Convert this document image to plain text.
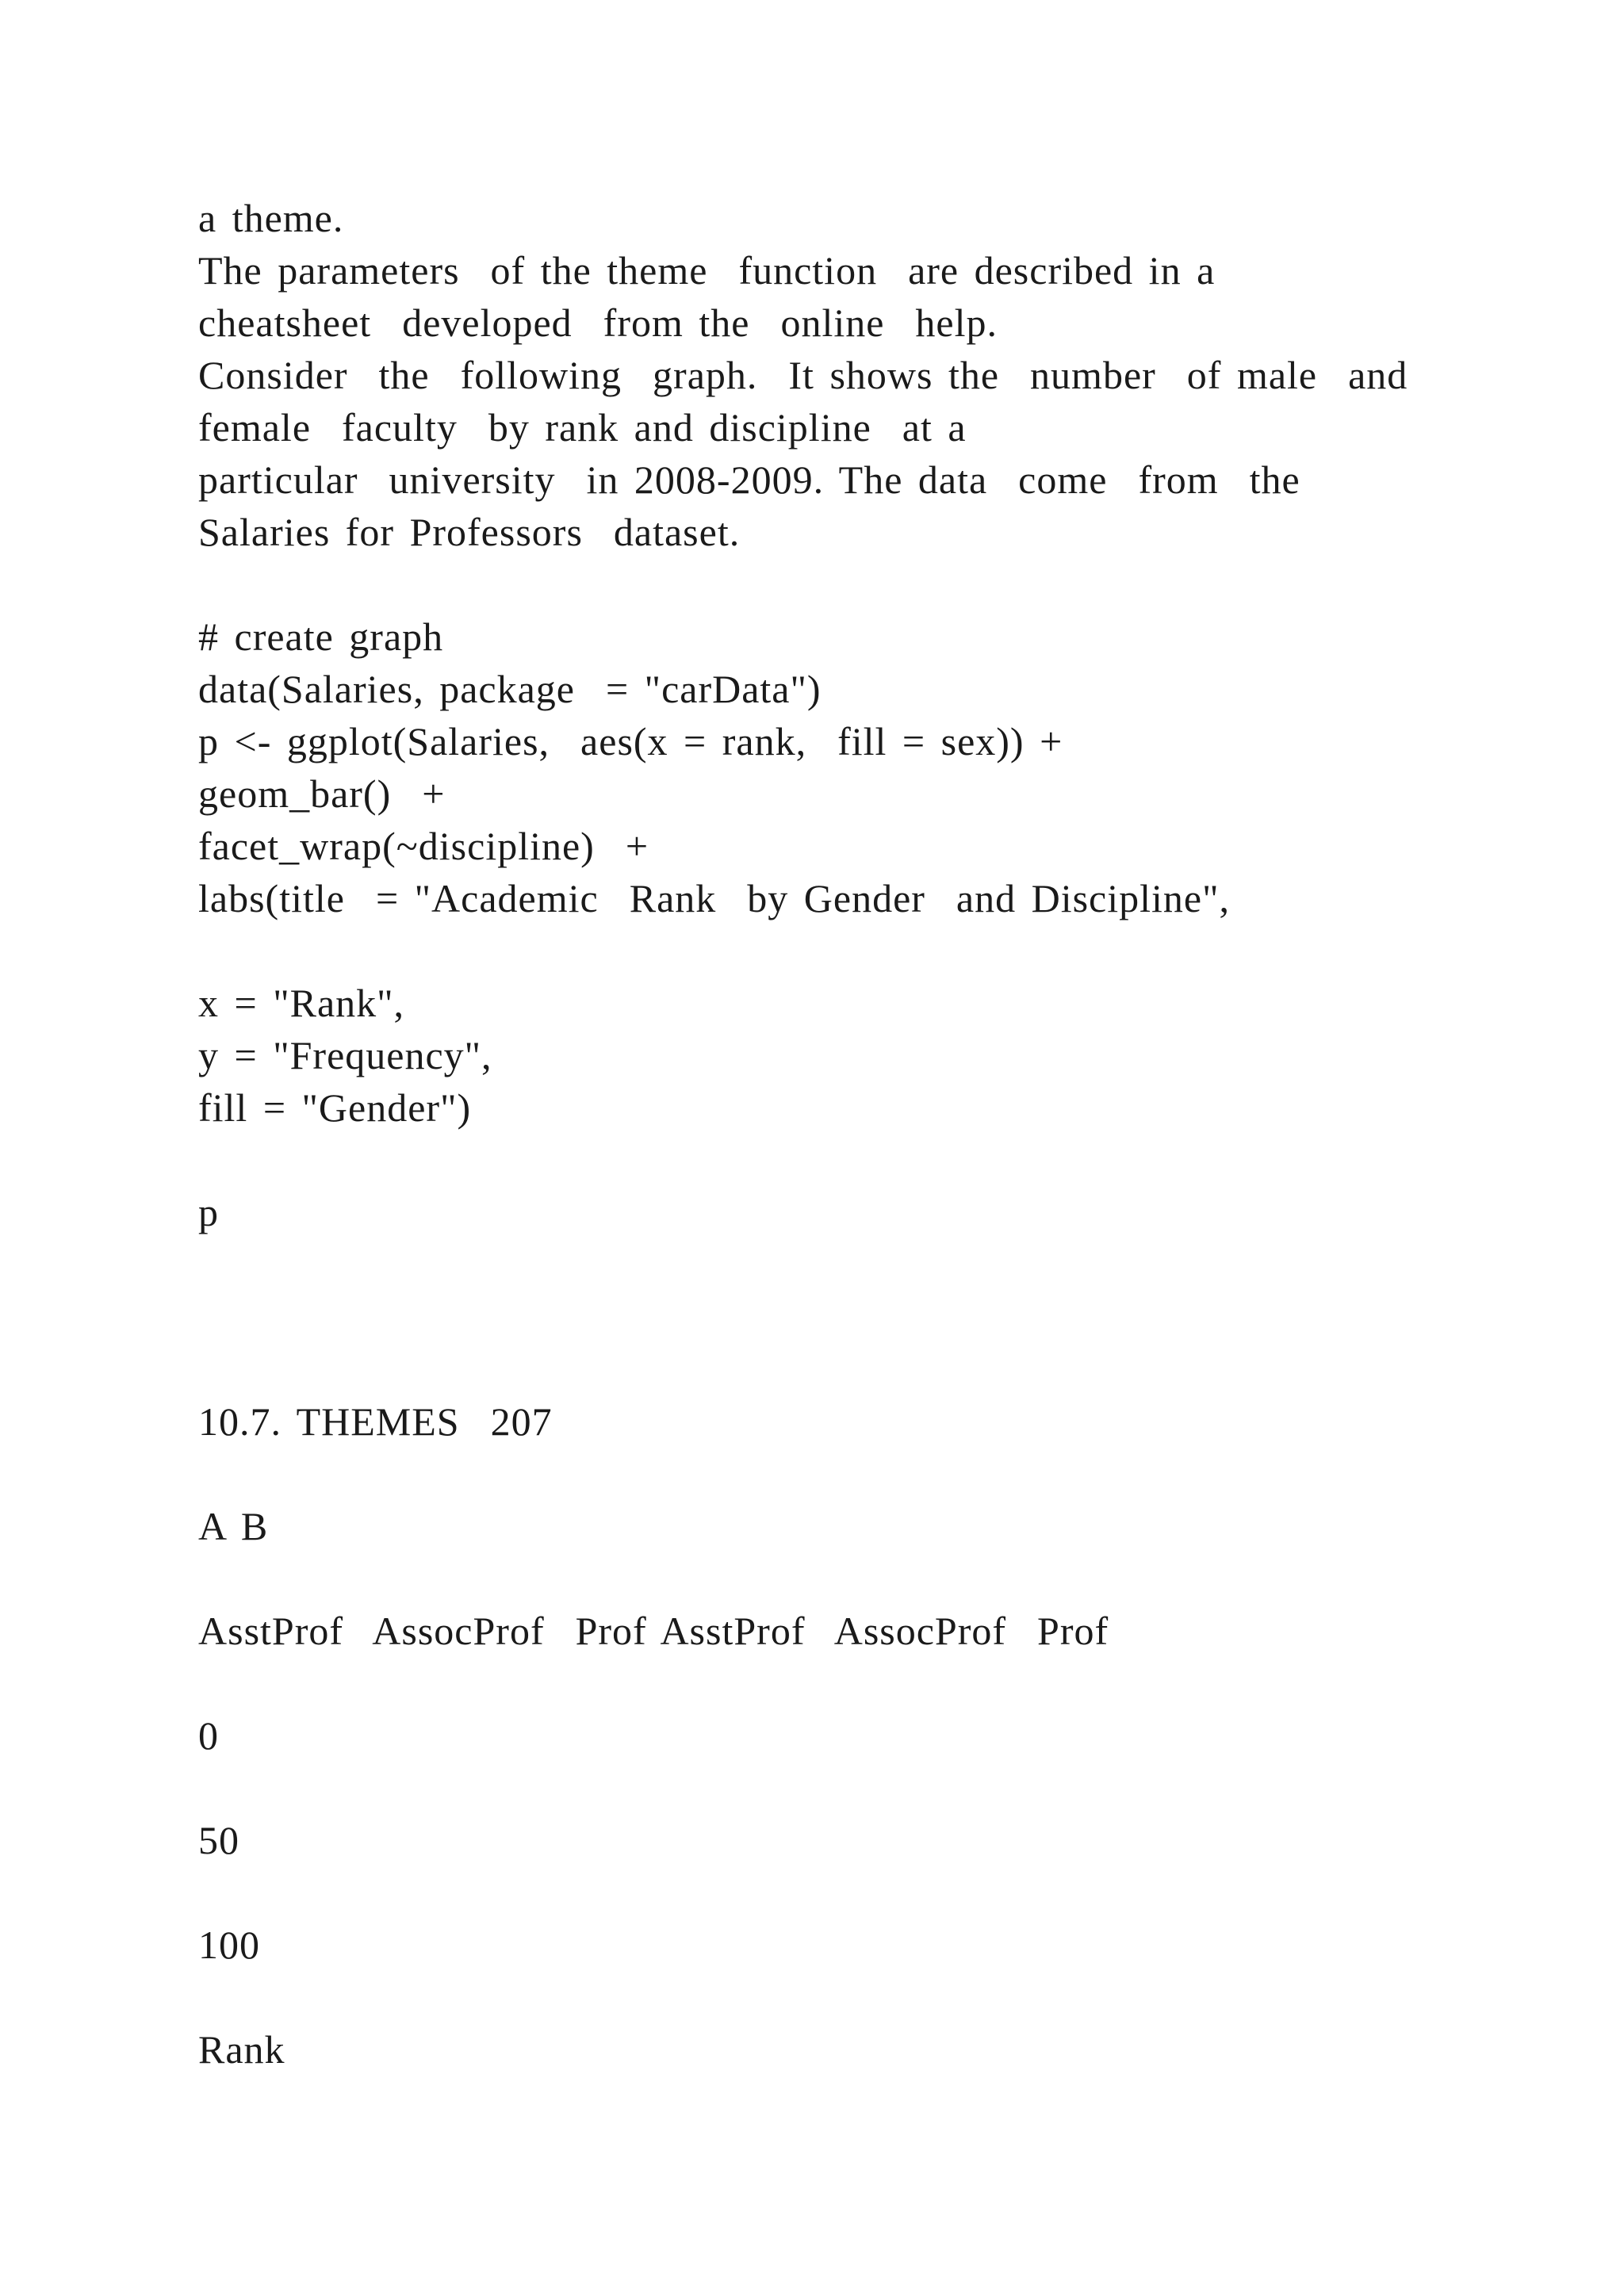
a theme.
The parameters  of the theme  function  are described in a
cheatsheet  developed  from the  online  help.
Consider  the  following  graph.  It shows the  number  of male  and
female  faculty  by rank and discipline  at a
particular  university  in 2008-2009. The data  come  from  the
Salaries for Professors  dataset.
# create graph
data(Salaries, package  = "carData")
p <- ggplot(Salaries,  aes(x = rank,  fill = sex)) +
geom_bar()  +
facet_wrap(~discipline)  +
labs(title  = "Academic  Rank  by Gender  and Discipline",
x = "Rank",
y = "Frequency",
fill = "Gender")
p
10.7. THEMES  207
A B
AsstProf  AssocProf  Prof AsstProf  AssocProf  Prof
0
50
100
Rank
